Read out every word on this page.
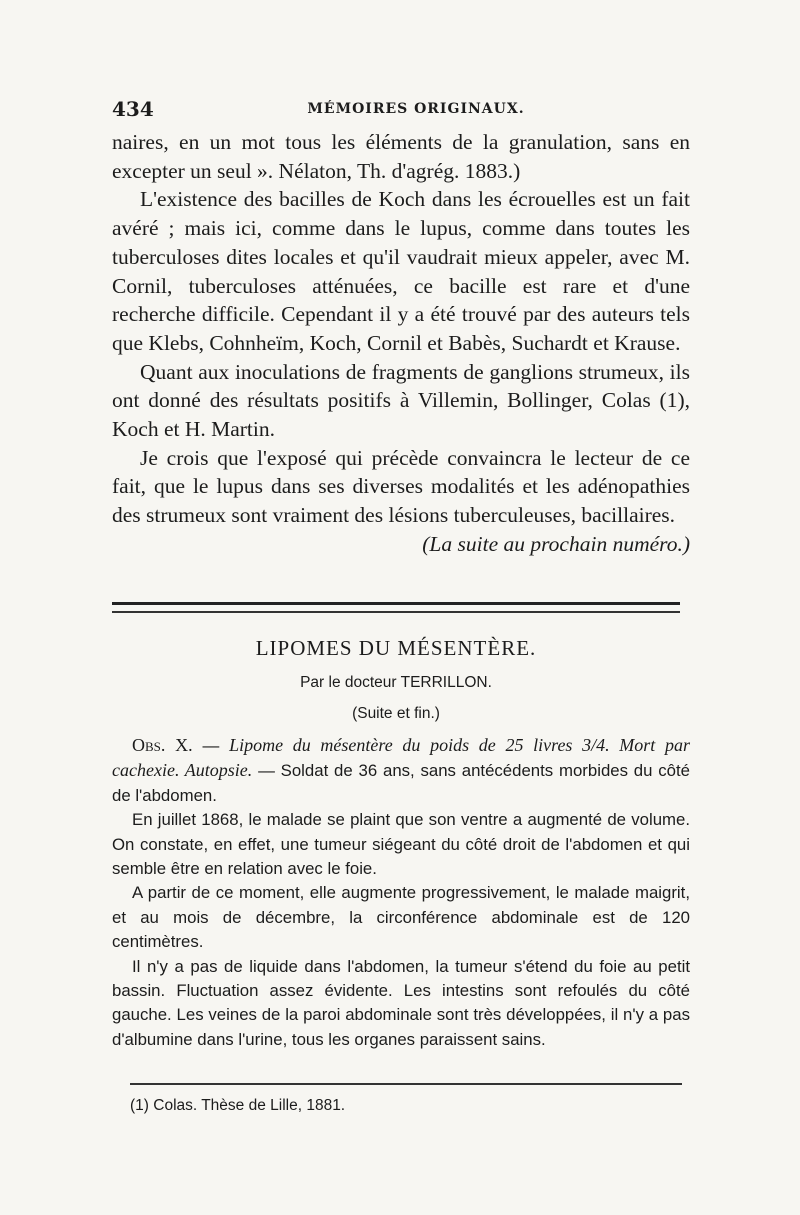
434	MÉMOIRES ORIGINAUX.

naires, en un mot tous les éléments de la granulation, sans en excepter un seul ». Nélaton, Th. d'agrég. 1883.)

L'existence des bacilles de Koch dans les écrouelles est un fait avéré ; mais ici, comme dans le lupus, comme dans toutes les tuberculoses dites locales et qu'il vaudrait mieux appeler, avec M. Cornil, tuberculoses atténuées, ce bacille est rare et d'une recherche difficile. Cependant il y a été trouvé par des auteurs tels que Klebs, Cohnheïm, Koch, Cornil et Babès, Suchardt et Krause.

Quant aux inoculations de fragments de ganglions strumeux, ils ont donné des résultats positifs à Villemin, Bollinger, Colas (1), Koch et H. Martin.

Je crois que l'exposé qui précède convaincra le lecteur de ce fait, que le lupus dans ses diverses modalités et les adénopathies des strumeux sont vraiment des lésions tuberculeuses, bacillaires.

(La suite au prochain numéro.)

LIPOMES DU MÉSENTÈRE.
Par le docteur TERRILLON.
(Suite et fin.)

Obs. X. — Lipome du mésentère du poids de 25 livres 3/4. Mort par cachexie. Autopsie. — Soldat de 36 ans, sans antécédents morbides du côté de l'abdomen.

En juillet 1868, le malade se plaint que son ventre a augmenté de volume. On constate, en effet, une tumeur siégeant du côté droit de l'abdomen et qui semble être en relation avec le foie.

A partir de ce moment, elle augmente progressivement, le malade maigrit, et au mois de décembre, la circonférence abdominale est de 120 centimètres.

Il n'y a pas de liquide dans l'abdomen, la tumeur s'étend du foie au petit bassin. Fluctuation assez évidente. Les intestins sont refoulés du côté gauche. Les veines de la paroi abdominale sont très développées, il n'y a pas d'albumine dans l'urine, tous les organes paraissent sains.

(1) Colas. Thèse de Lille, 1881.
